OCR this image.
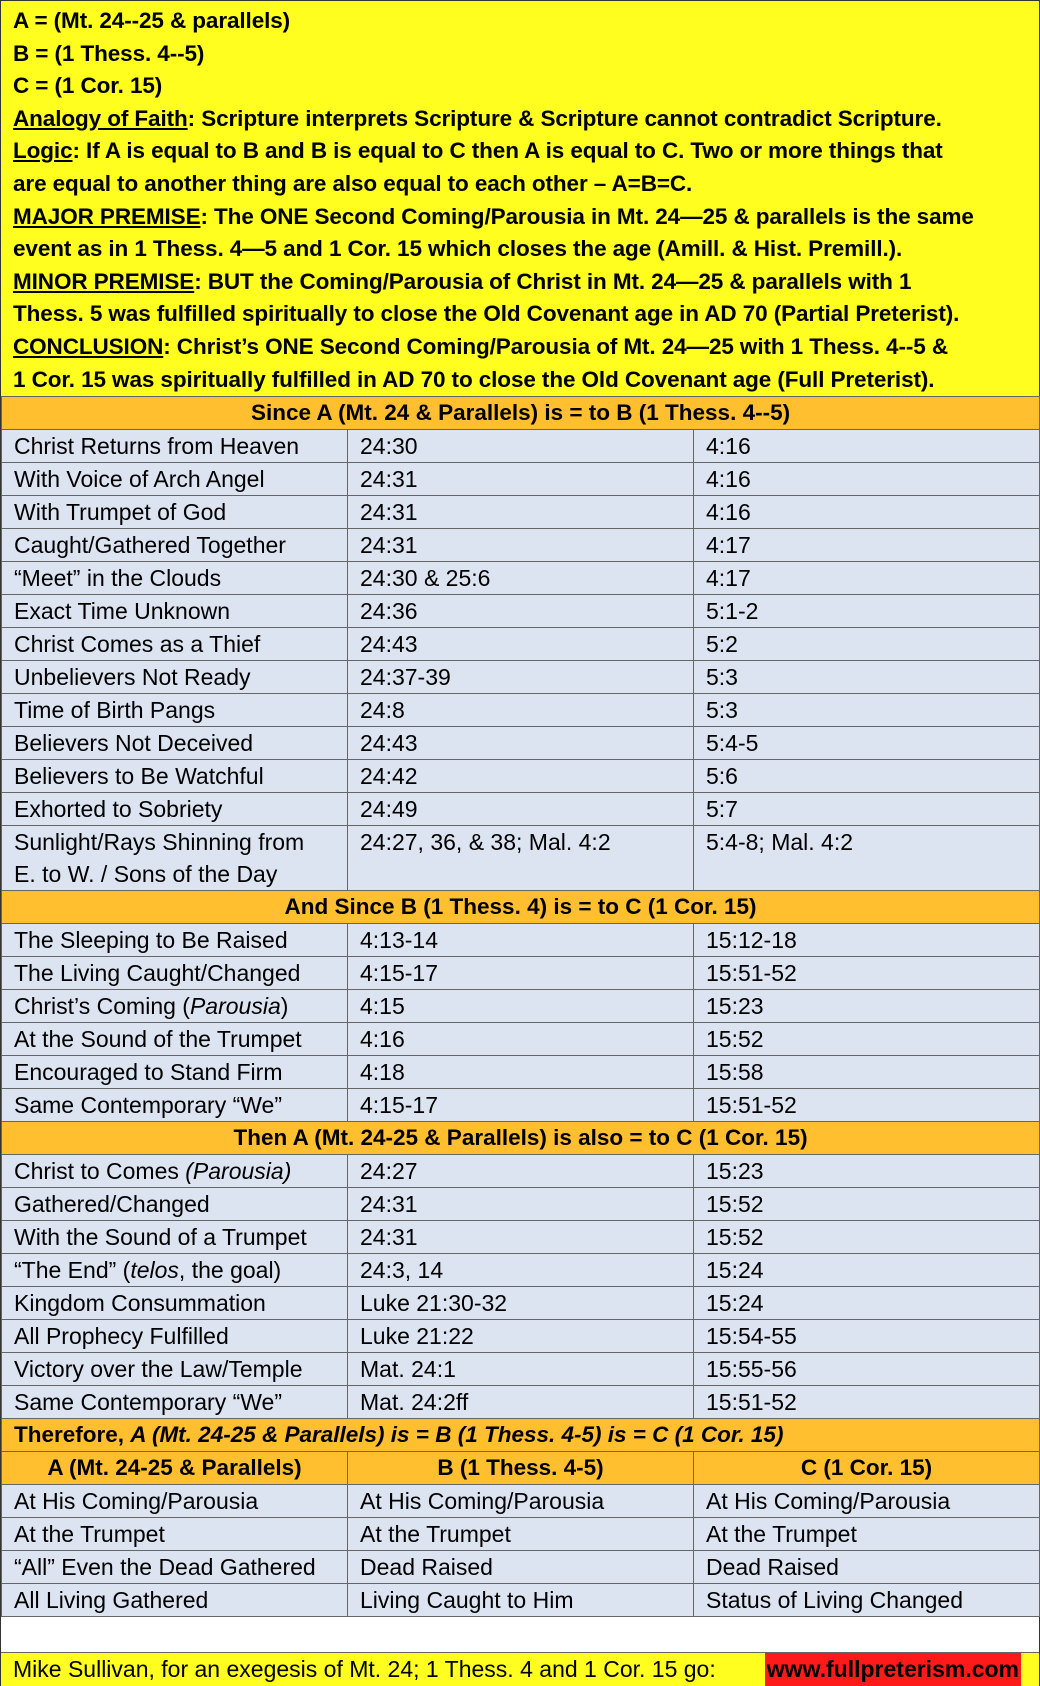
A = (Mt. 24--25 & parallels)

B = (1 Thess. 4--5)

C = (1 Cor. 15)

Analogy of Faith: Scripture interprets Scripture & Scripture cannot contradict Scripture.

Logic: If A is equal to B and B is equal to C then A is equal to C. Two or more things that

are equal to another thing are also equal to each other – A=B=C.

MAJOR PREMISE: The ONE Second Coming/Parousia in Mt. 24—25 & parallels is the same

event as in 1 Thess. 4—5 and 1 Cor. 15 which closes the age (Amill. & Hist. Premill.).

MINOR PREMISE: BUT the Coming/Parousia of Christ in Mt. 24—25 & parallels with 1

Thess. 5 was fulfilled spiritually to close the Old Covenant age in AD 70 (Partial Preterist).

CONCLUSION: Christ’s ONE Second Coming/Parousia of Mt. 24—25 with 1 Thess. 4--5 &

1 Cor. 15 was spiritually fulfilled in AD 70 to close the Old Covenant age (Full Preterist).

Since A (Mt. 24 & Parallels) is = to B (1 Thess. 4--5)		
Christ Returns from Heaven	24:30	4:16
With Voice of Arch Angel	24:31	4:16
With Trumpet of God	24:31	4:16
Caught/Gathered Together	24:31	4:17
“Meet” in the Clouds	24:30 & 25:6	4:17
Exact Time Unknown	24:36	5:1-2
Christ Comes as a Thief	24:43	5:2
Unbelievers Not Ready	24:37-39	5:3
Time of Birth Pangs	24:8	5:3
Believers Not Deceived	24:43	5:4-5
Believers to Be Watchful	24:42	5:6
Exhorted to Sobriety	24:49	5:7

Sunlight/Rays Shinning from
E. to W. / Sons of the Day	24:27, 36, & 38; Mal. 4:2	5:4-8; Mal. 4:2
And Since B (1 Thess. 4) is = to C (1 Cor. 15)		
The Sleeping to Be Raised	4:13-14	15:12-18
The Living Caught/Changed	4:15-17	15:51-52
Christ’s Coming (Parousia)	4:15	15:23
At the Sound of the Trumpet	4:16	15:52
Encouraged to Stand Firm	4:18	15:58
Same Contemporary “We”	4:15-17	15:51-52
Then A (Mt. 24-25 & Parallels) is also = to C (1 Cor. 15)		
Christ to Comes (Parousia)	24:27	15:23
Gathered/Changed	24:31	15:52
With the Sound of a Trumpet	24:31	15:52
“The End” (telos, the goal)	24:3, 14	15:24
Kingdom Consummation	Luke 21:30-32	15:24
All Prophecy Fulfilled	Luke 21:22	15:54-55
Victory over the Law/Temple	Mat. 24:1	15:55-56
Same Contemporary “We”	Mat. 24:2ff	15:51-52
Therefore, A (Mt. 24-25 & Parallels) is = B (1 Thess. 4-5) is = C (1 Cor. 15)		
A (Mt. 24-25 & Parallels)	B (1 Thess. 4-5)	C (1 Cor. 15)
At His Coming/Parousia	At His Coming/Parousia	At His Coming/Parousia
At the Trumpet	At the Trumpet	At the Trumpet
“All” Even the Dead Gathered	Dead Raised	Dead Raised
All Living Gathered	Living Caught to Him	Status of Living Changed
Mike Sullivan, for an exegesis of Mt. 24; 1 Thess. 4 and 1 Cor. 15 go: www.fullpreterism.com
